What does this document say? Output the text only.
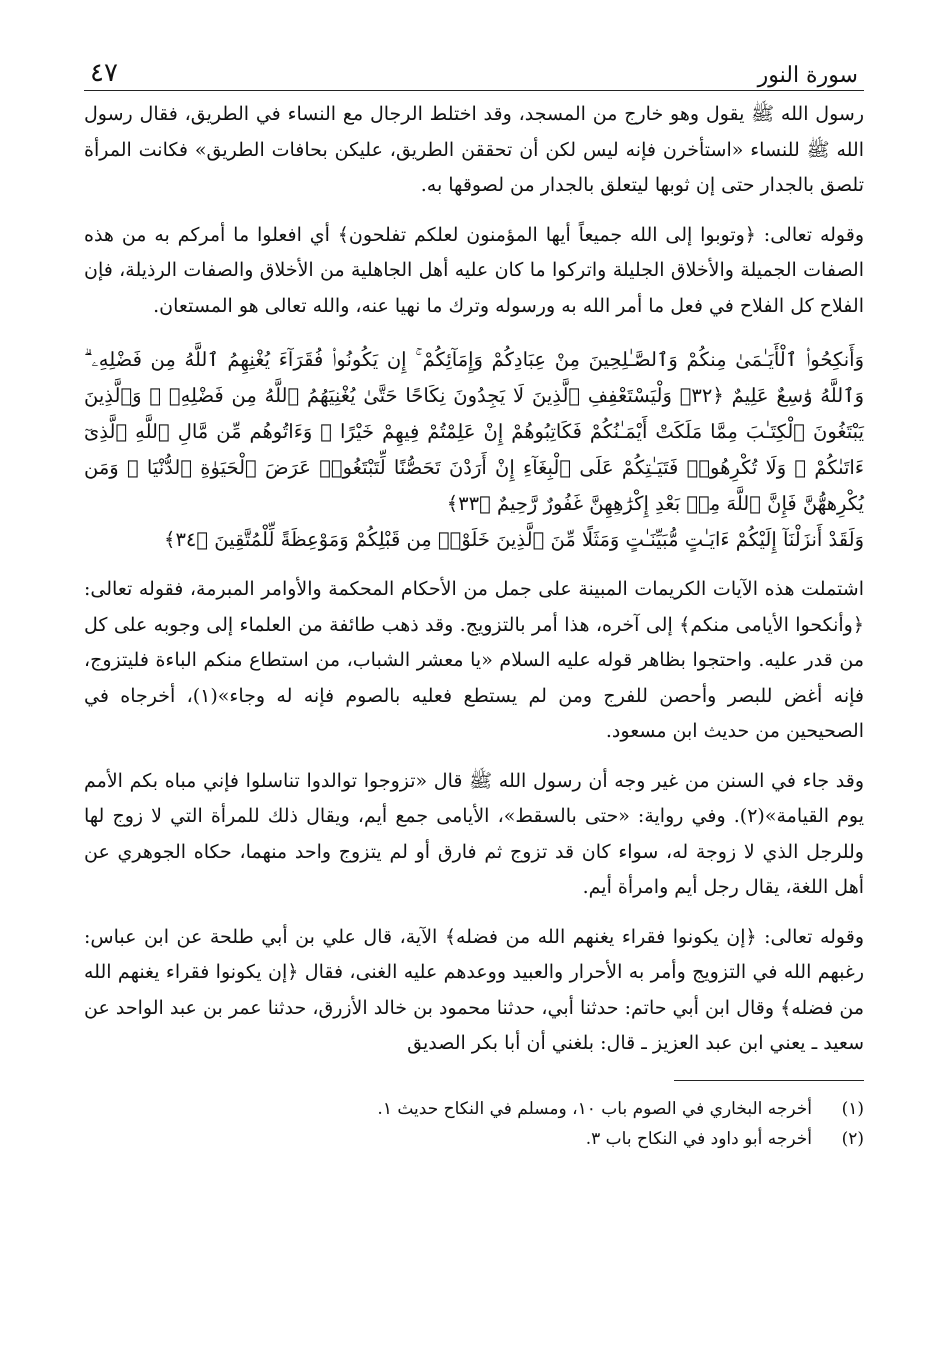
سورة النور
٤٧

رسول الله ﷺ يقول وهو خارج من المسجد، وقد اختلط الرجال مع النساء في الطريق، فقال رسول الله ﷺ للنساء «استأخرن فإنه ليس لكن أن تحققن الطريق، عليكن بحافات الطريق» فكانت المرأة تلصق بالجدار حتى إن ثوبها ليتعلق بالجدار من لصوقها به.

وقوله تعالى: ﴿وتوبوا إلى الله جميعاً أيها المؤمنون لعلكم تفلحون﴾ أي افعلوا ما أمركم به من هذه الصفات الجميلة والأخلاق الجليلة واتركوا ما كان عليه أهل الجاهلية من الأخلاق والصفات الرذيلة، فإن الفلاح كل الفلاح في فعل ما أمر الله به ورسوله وترك ما نهيا عنه، والله تعالى هو المستعان.

وَأَنكِحُوا۟ ٱلْأَيَـٰمَىٰ مِنكُمْ وَٱلصَّـٰلِحِينَ مِنْ عِبَادِكُمْ وَإِمَآئِكُمْ ۚ إِن يَكُونُوا۟ فُقَرَآءَ يُغْنِهِمُ ٱللَّهُ مِن فَضْلِهِۦ ۗ وَٱللَّهُ وَٰسِعٌ عَلِيمٌ ﴿٣٢﴾ وَلْيَسْتَعْفِفِ ٱلَّذِينَ لَا يَجِدُونَ نِكَاحًا حَتَّىٰ يُغْنِيَهُمُ ٱللَّهُ مِن فَضْلِهِۦ ۗ وَٱلَّذِينَ يَبْتَغُونَ ٱلْكِتَـٰبَ مِمَّا مَلَكَتْ أَيْمَـٰنُكُمْ فَكَاتِبُوهُمْ إِنْ عَلِمْتُمْ فِيهِمْ خَيْرًا ۖ وَءَاتُوهُم مِّن مَّالِ ٱللَّهِ ٱلَّذِىٓ ءَاتَىٰكُمْ ۚ وَلَا تُكْرِهُوا۟ فَتَيَـٰتِكُمْ عَلَى ٱلْبِغَآءِ إِنْ أَرَدْنَ تَحَصُّنًا لِّتَبْتَغُوا۟ عَرَضَ ٱلْحَيَوٰةِ ٱلدُّنْيَا ۚ وَمَن يُكْرِههُّنَّ فَإِنَّ ٱللَّهَ مِنۢ بَعْدِ إِكْرَٰهِهِنَّ غَفُورٌ رَّحِيمٌ ﴿٣٣﴾
وَلَقَدْ أَنزَلْنَآ إِلَيْكُمْ ءَايَـٰتٍ مُّبَيِّنَـٰتٍ وَمَثَلًا مِّنَ ٱلَّذِينَ خَلَوْا۟ مِن قَبْلِكُمْ وَمَوْعِظَةً لِّلْمُتَّقِينَ ﴿٣٤﴾

اشتملت هذه الآيات الكريمات المبينة على جمل من الأحكام المحكمة والأوامر المبرمة، فقوله تعالى: ﴿وأنكحوا الأيامى منكم﴾ إلى آخره، هذا أمر بالتزويج. وقد ذهب طائفة من العلماء إلى وجوبه على كل من قدر عليه. واحتجوا بظاهر قوله عليه السلام «يا معشر الشباب، من استطاع منكم الباءة فليتزوج، فإنه أغض للبصر وأحصن للفرج ومن لم يستطع فعليه بالصوم فإنه له وجاء»(١)، أخرجاه في الصحيحين من حديث ابن مسعود.

وقد جاء في السنن من غير وجه أن رسول الله ﷺ قال «تزوجوا توالدوا تناسلوا فإني مباه بكم الأمم يوم القيامة»(٢). وفي رواية: «حتى بالسقط»، الأيامى جمع أيم، ويقال ذلك للمرأة التي لا زوج لها وللرجل الذي لا زوجة له، سواء كان قد تزوج ثم فارق أو لم يتزوج واحد منهما، حكاه الجوهري عن أهل اللغة، يقال رجل أيم وامرأة أيم.

وقوله تعالى: ﴿إن يكونوا فقراء يغنهم الله من فضله﴾ الآية، قال علي بن أبي طلحة عن ابن عباس: رغبهم الله في التزويج وأمر به الأحرار والعبيد ووعدهم عليه الغنى، فقال ﴿إن يكونوا فقراء يغنهم الله من فضله﴾ وقال ابن أبي حاتم: حدثنا أبي، حدثنا محمود بن خالد الأزرق، حدثنا عمر بن عبد الواحد عن سعيد ـ يعني ابن عبد العزيز ـ قال: بلغني أن أبا بكر الصديق

(١)
أخرجه البخاري في الصوم باب ١٠، ومسلم في النكاح حديث ١.
(٢)
أخرجه أبو داود في النكاح باب ٣.
